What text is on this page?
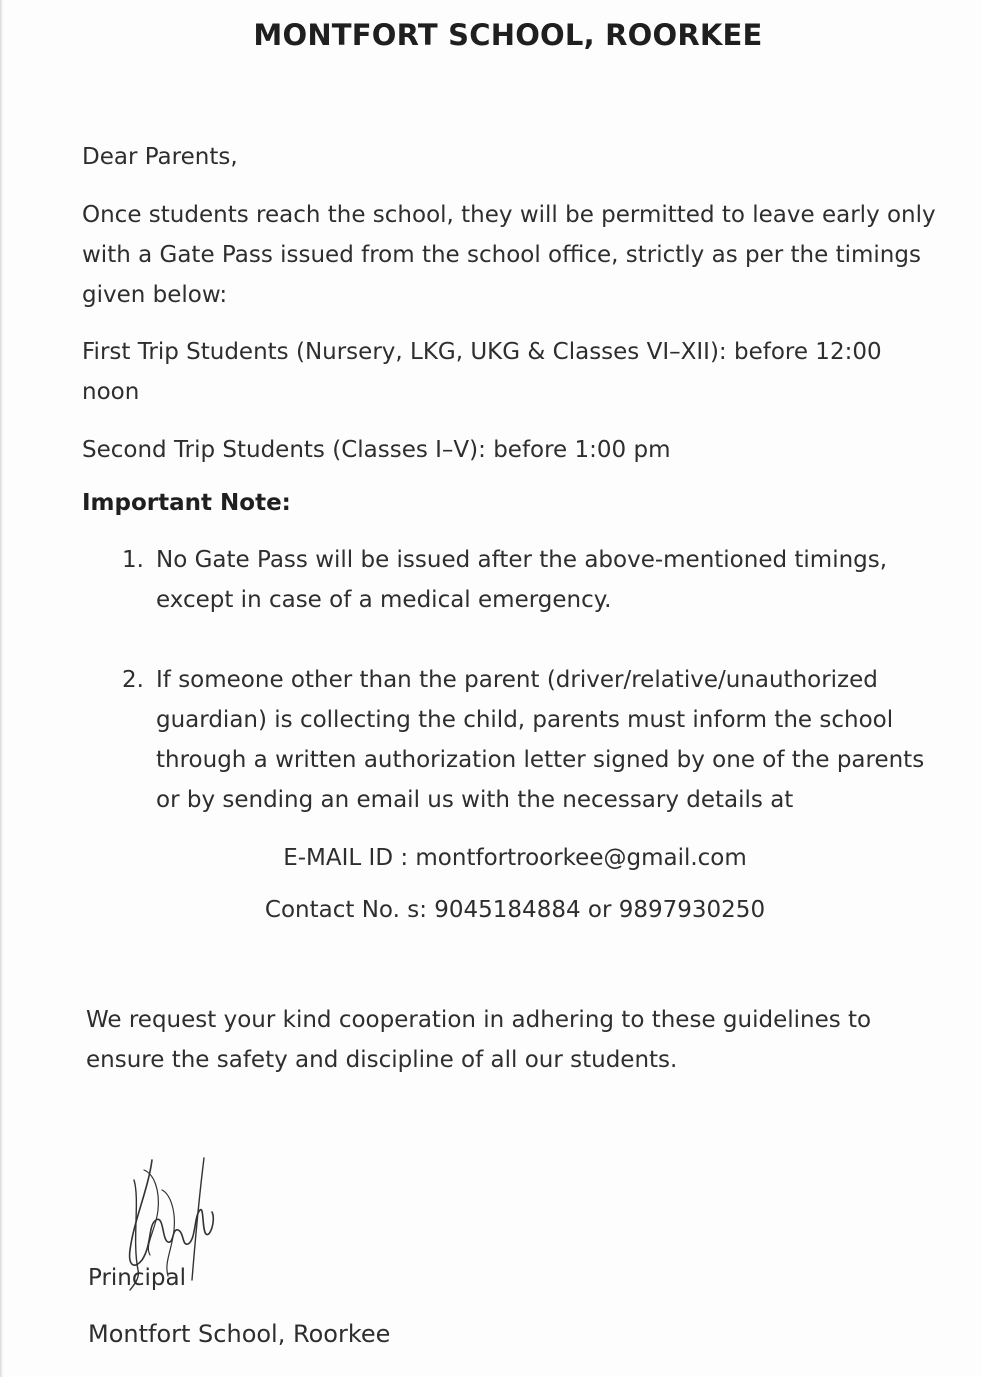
MONTFORT SCHOOL, ROORKEE
Dear Parents,
Once students reach the school, they will be permitted to leave early only with a Gate Pass issued from the school office, strictly as per the timings given below:
First Trip Students (Nursery, LKG, UKG & Classes VI–XII): before 12:00 noon
Second Trip Students (Classes I–V): before 1:00 pm
Important Note:
1. No Gate Pass will be issued after the above-mentioned timings, except in case of a medical emergency.
2. If someone other than the parent (driver/relative/unauthorized guardian) is collecting the child, parents must inform the school through a written authorization letter signed by one of the parents or by sending an email us with the necessary details at
E-MAIL ID : montfortroorkee@gmail.com
Contact No. s: 9045184884 or 9897930250
We request your kind cooperation in adhering to these guidelines to ensure the safety and discipline of all our students.
Principal
Montfort School, Roorkee
